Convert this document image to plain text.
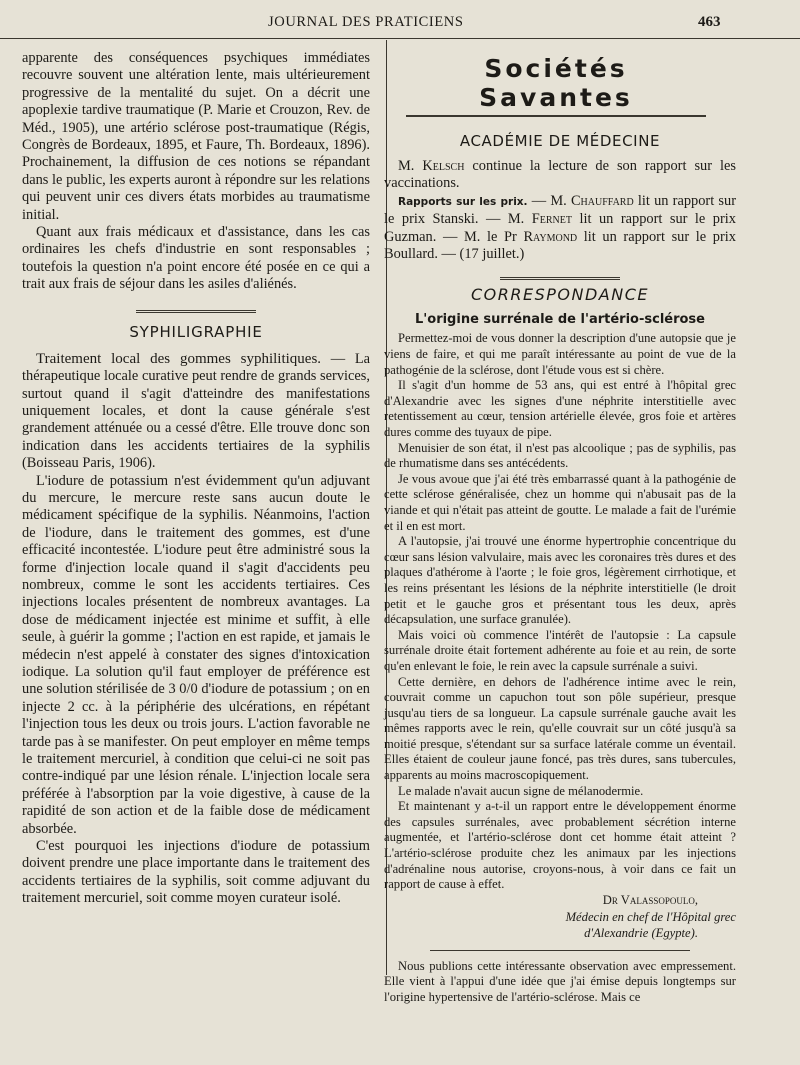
JOURNAL DES PRATICIENS	463

apparente des conséquences psychiques immédiates recouvre souvent une altération lente, mais ultérieurement progressive de la mentalité du sujet. On a décrit une apoplexie tardive traumatique (P. Marie et Crouzon, Rev. de Méd., 1905), une artério sclérose post-traumatique (Régis, Congrès de Bordeaux, 1895, et Faure, Th. Bordeaux, 1896). Prochainement, la diffusion de ces notions se répandant dans le public, les experts auront à répondre sur les relations qui peuvent unir ces divers états morbides au traumatisme initial.

Quant aux frais médicaux et d'assistance, dans les cas ordinaires les chefs d'industrie en sont responsables ; toutefois la question n'a point encore été posée en ce qui a trait aux frais de séjour dans les asiles d'aliénés.

SYPHILIGRAPHIE

Traitement local des gommes syphilitiques. — La thérapeutique locale curative peut rendre de grands services, surtout quand il s'agit d'atteindre des manifestations uniquement locales, et dont la cause générale s'est grandement atténuée ou a cessé d'être. Elle trouve donc son indication dans les accidents tertiaires de la syphilis (Boisseau Paris, 1906).

L'iodure de potassium n'est évidemment qu'un adjuvant du mercure, le mercure reste sans aucun doute le médicament spécifique de la syphilis. Néanmoins, l'action de l'iodure, dans le traitement des gommes, est d'une efficacité incontestée. L'iodure peut être administré sous la forme d'injection locale quand il s'agit d'accidents peu nombreux, comme le sont les accidents tertiaires. Ces injections locales présentent de nombreux avantages. La dose de médicament injectée est minime et suffit, à elle seule, à guérir la gomme ; l'action en est rapide, et jamais le médecin n'est appelé à constater des signes d'intoxication iodique. La solution qu'il faut employer de préférence est une solution stérilisée de 3 0/0 d'iodure de potassium ; on en injecte 2 cc. à la périphérie des ulcérations, en répétant l'injection tous les deux ou trois jours. L'action favorable ne tarde pas à se manifester. On peut employer en même temps le traitement mercuriel, à condition que celui-ci ne soit pas contre-indiqué par une lésion rénale. L'injection locale sera préférée à l'absorption par la voie digestive, à cause de la rapidité de son action et de la faible dose de médicament absorbée.

C'est pourquoi les injections d'iodure de potassium doivent prendre une place importante dans le traitement des accidents tertiaires de la syphilis, soit comme adjuvant du traitement mercuriel, soit comme moyen curateur isolé.

Sociétés Savantes
ACADÉMIE DE MÉDECINE

M. Kelsch continue la lecture de son rapport sur les vaccinations.

Rapports sur les prix. — M. Chauffard lit un rapport sur le prix Stanski. — M. Fernet lit un rapport sur le prix Guzman. — M. le Pr Raymond lit un rapport sur le prix Boullard. — (17 juillet.)

CORRESPONDANCE
L'origine surrénale de l'artério-sclérose

Permettez-moi de vous donner la description d'une autopsie que je viens de faire, et qui me paraît intéressante au point de vue de la pathogénie de la sclérose, dont l'étude vous est si chère.

Il s'agit d'un homme de 53 ans, qui est entré à l'hôpital grec d'Alexandrie avec les signes d'une néphrite interstitielle avec retentissement au cœur, tension artérielle élevée, gros foie et artères dures comme des tuyaux de pipe.

Menuisier de son état, il n'est pas alcoolique ; pas de syphilis, pas de rhumatisme dans ses antécédents.

Je vous avoue que j'ai été très embarrassé quant à la pathogénie de cette sclérose généralisée, chez un homme qui n'abusait pas de la viande et qui n'était pas atteint de goutte. Le malade a fait de l'urémie et il en est mort.

A l'autopsie, j'ai trouvé une énorme hypertrophie concentrique du cœur sans lésion valvulaire, mais avec les coronaires très dures et des plaques d'athérome à l'aorte ; le foie gros, légèrement cirrhotique, et les reins présentant les lésions de la néphrite interstitielle (le droit petit et le gauche gros et présentant tous les deux, après décapsulation, une surface granulée).

Mais voici où commence l'intérêt de l'autopsie : La capsule surrénale droite était fortement adhérente au foie et au rein, de sorte qu'en enlevant le foie, le rein avec la capsule surrénale a suivi.

Cette dernière, en dehors de l'adhérence intime avec le rein, couvrait comme un capuchon tout son pôle supérieur, presque jusqu'au tiers de sa longueur. La capsule surrénale gauche avait les mêmes rapports avec le rein, qu'elle couvrait sur un côté jusqu'à sa moitié presque, s'étendant sur sa surface latérale comme un éventail. Elles étaient de couleur jaune foncé, pas très dures, sans tubercules, apparents au moins macroscopiquement.

Le malade n'avait aucun signe de mélanodermie.

Et maintenant y a-t-il un rapport entre le développement énorme des capsules surrénales, avec probablement sécrétion interne augmentée, et l'artério-sclérose dont cet homme était atteint ? L'artério-sclérose produite chez les animaux par les injections d'adrénaline nous autorise, croyons-nous, à voir dans ce fait un rapport de cause à effet.

Dr Valassopoulo,

Médecin en chef de l'Hôpital grec

d'Alexandrie (Egypte).

Nous publions cette intéressante observation avec empressement. Elle vient à l'appui d'une idée que j'ai émise depuis longtemps sur l'origine hypertensive de l'artério-sclérose. Mais ce
